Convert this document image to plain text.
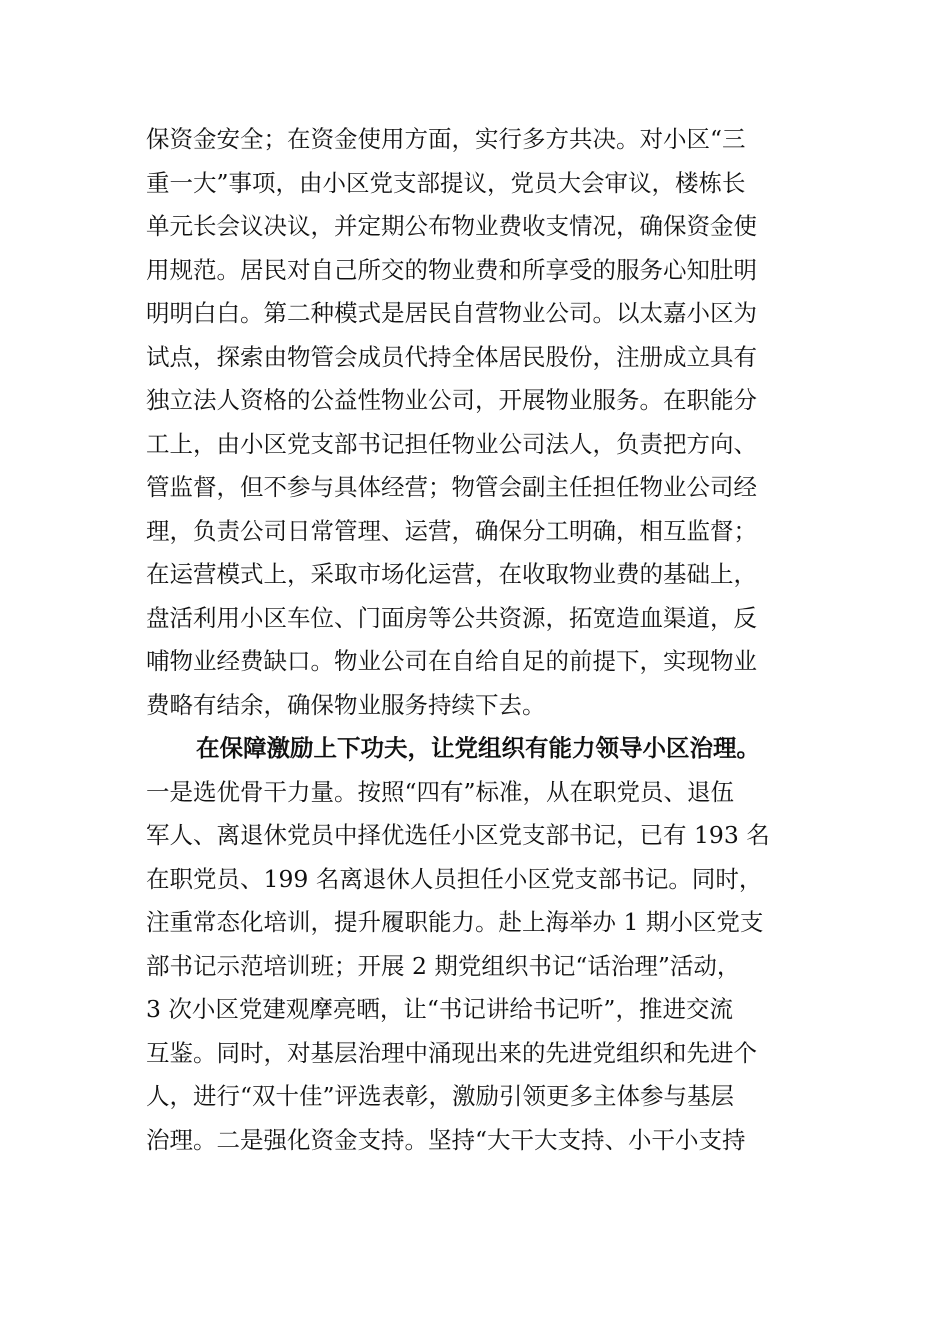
保资金安全；在资金使用方面，实行多方共决。对小区“三
重一大”事项，由小区党支部提议，党员大会审议，楼栋长
单元长会议决议，并定期公布物业费收支情况，确保资金使
用规范。居民对自己所交的物业费和所享受的服务心知肚明
明明白白。第二种模式是居民自营物业公司。以太嘉小区为
试点，探索由物管会成员代持全体居民股份，注册成立具有
独立法人资格的公益性物业公司，开展物业服务。在职能分
工上，由小区党支部书记担任物业公司法人，负责把方向、
管监督，但不参与具体经营；物管会副主任担任物业公司经
理，负责公司日常管理、运营，确保分工明确，相互监督；
在运营模式上，采取市场化运营，在收取物业费的基础上，
盘活利用小区车位、门面房等公共资源，拓宽造血渠道，反
哺物业经费缺口。物业公司在自给自足的前提下，实现物业
费略有结余，确保物业服务持续下去。
在保障激励上下功夫，让党组织有能力领导小区治理。
一是选优骨干力量。按照“四有”标准，从在职党员、退伍
军人、离退休党员中择优选任小区党支部书记，已有 193 名
在职党员、199 名离退休人员担任小区党支部书记。同时，
注重常态化培训，提升履职能力。赴上海举办 1 期小区党支
部书记示范培训班；开展 2 期党组织书记“话治理”活动，
3 次小区党建观摩亮晒，让“书记讲给书记听”，推进交流
互鉴。同时，对基层治理中涌现出来的先进党组织和先进个
人，进行“双十佳”评选表彰，激励引领更多主体参与基层
治理。二是强化资金支持。坚持“大干大支持、小干小支持
